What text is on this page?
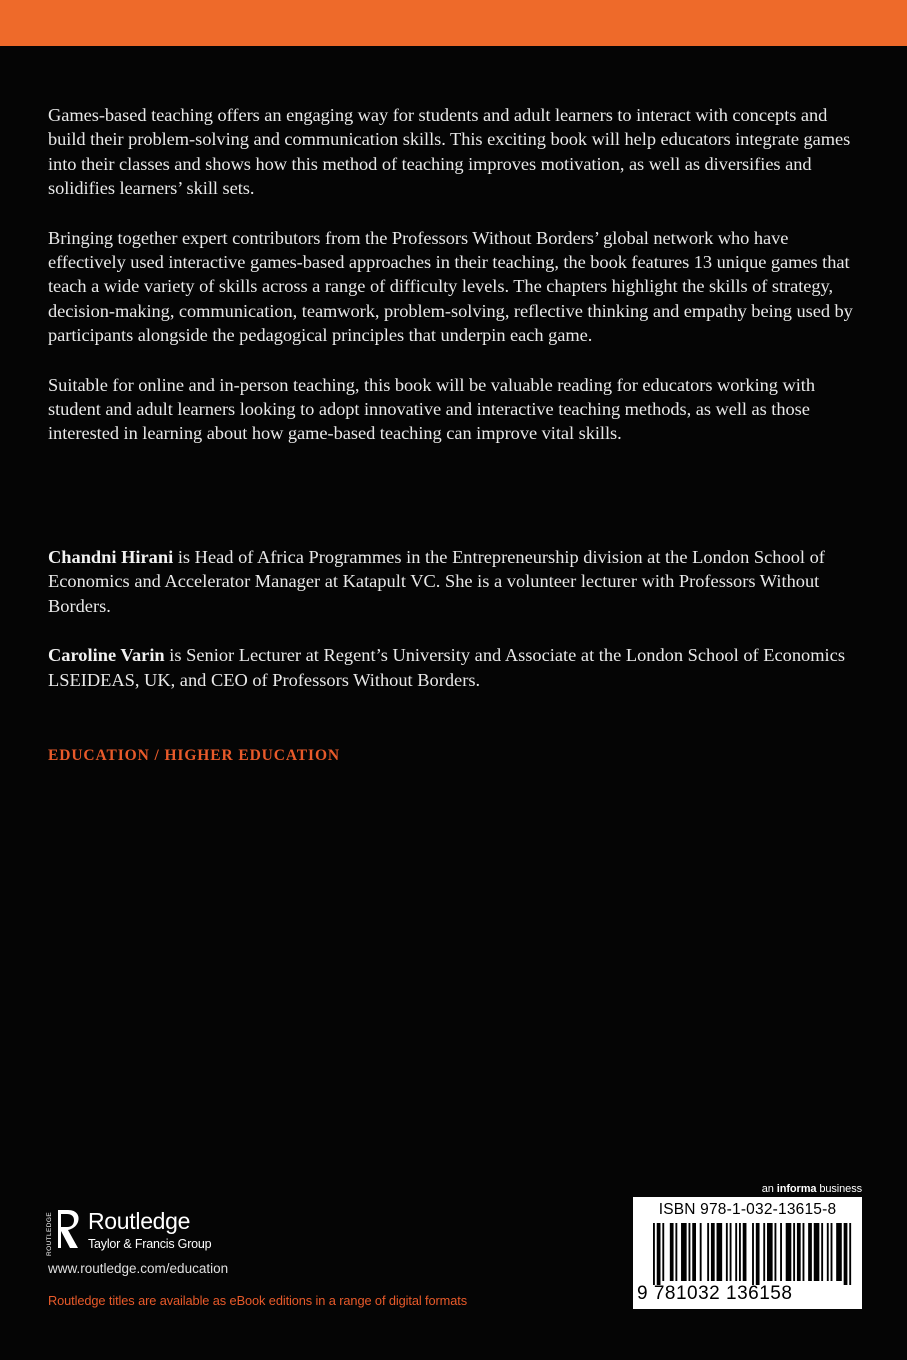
Games-based teaching offers an engaging way for students and adult learners to interact with concepts and build their problem-solving and communication skills. This exciting book will help educators integrate games into their classes and shows how this method of teaching improves motivation, as well as diversifies and solidifies learners’ skill sets.

Bringing together expert contributors from the Professors Without Borders’ global network who have effectively used interactive games-based approaches in their teaching, the book features 13 unique games that teach a wide variety of skills across a range of difficulty levels. The chapters highlight the skills of strategy, decision-making, communication, teamwork, problem-solving, reflective thinking and empathy being used by participants alongside the pedagogical principles that underpin each game.

Suitable for online and in-person teaching, this book will be valuable reading for educators working with student and adult learners looking to adopt innovative and interactive teaching methods, as well as those interested in learning about how game-based teaching can improve vital skills.

Chandni Hirani is Head of Africa Programmes in the Entrepreneurship division at the London School of Economics and Accelerator Manager at Katapult VC. She is a volunteer lecturer with Professors Without Borders.

Caroline Varin is Senior Lecturer at Regent’s University and Associate at the London School of Economics LSEIDEAS, UK, and CEO of Professors Without Borders.

EDUCATION / HIGHER EDUCATION
ROUTLEDGE Routledge
Taylor & Francis Group
www.routledge.com/education
Routledge titles are available as eBook editions in a range of digital formats
an informa business
ISBN 978-1-032-13615-8
9 781032 136158
